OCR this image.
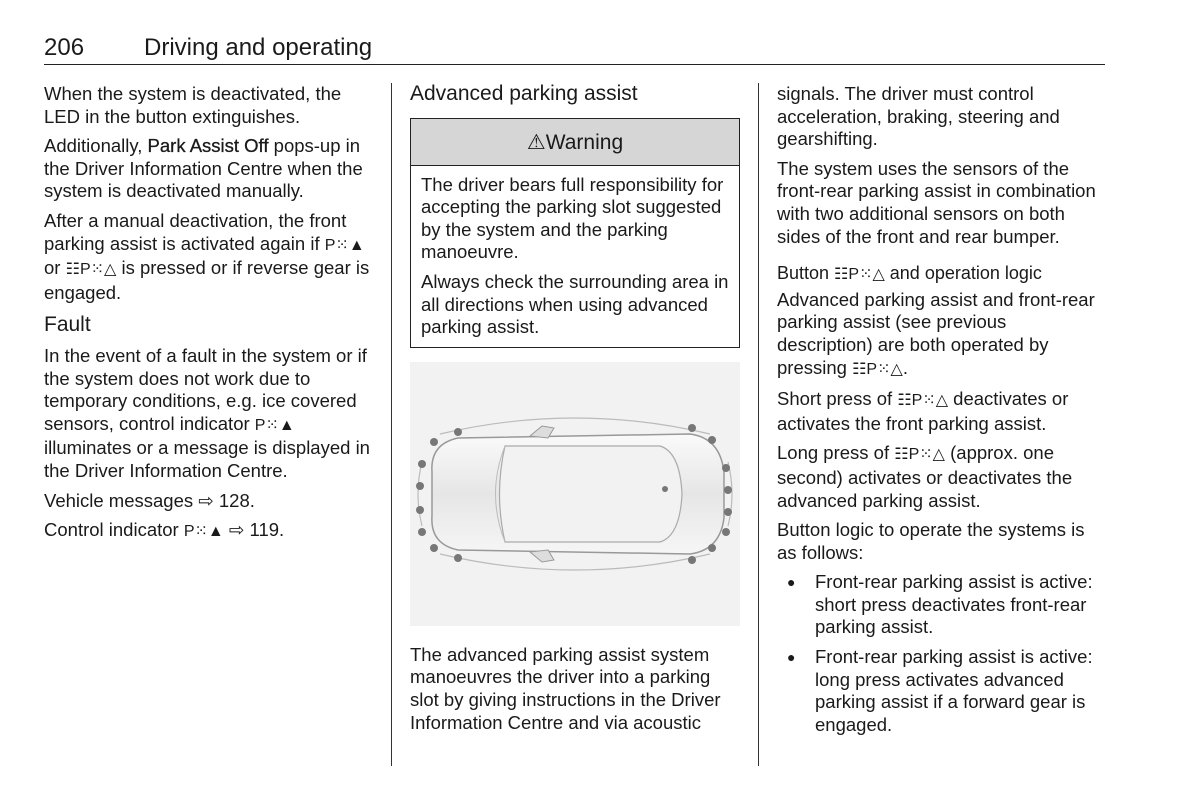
206 Driving and operating

When the system is deactivated, the LED in the button extinguishes.

Additionally, Park Assist Off pops-up in the Driver Information Centre when the system is deactivated manually.

After a manual deactivation, the front parking assist is activated again if P⁙▲ or ☷P⁙△ is pressed or if reverse gear is engaged.

Fault

In the event of a fault in the system or if the system does not work due to temporary conditions, e.g. ice covered sensors, control indicator P⁙▲ illuminates or a message is displayed in the Driver Information Centre.

Vehicle messages ⇨ 128.

Control indicator P⁙▲ ⇨ 119.

Advanced parking assist
⚠Warning

The driver bears full responsibility for accepting the parking slot suggested by the system and the parking manoeuvre.

Always check the surrounding area in all directions when using advanced parking assist.

The advanced parking assist system manoeuvres the driver into a parking slot by giving instructions in the Driver Information Centre and via acoustic

signals. The driver must control acceleration, braking, steering and gearshifting.

The system uses the sensors of the front-rear parking assist in combination with two additional sensors on both sides of the front and rear bumper.

Button ☷P⁙△ and operation logic

Advanced parking assist and front-rear parking assist (see previous description) are both operated by pressing ☷P⁙△.

Short press of ☷P⁙△ deactivates or activates the front parking assist.

Long press of ☷P⁙△ (approx. one second) activates or deactivates the advanced parking assist.

Button logic to operate the systems is as follows:

● Front-rear parking assist is active: short press deactivates front-rear parking assist.
● Front-rear parking assist is active: long press activates advanced parking assist if a forward gear is engaged.
